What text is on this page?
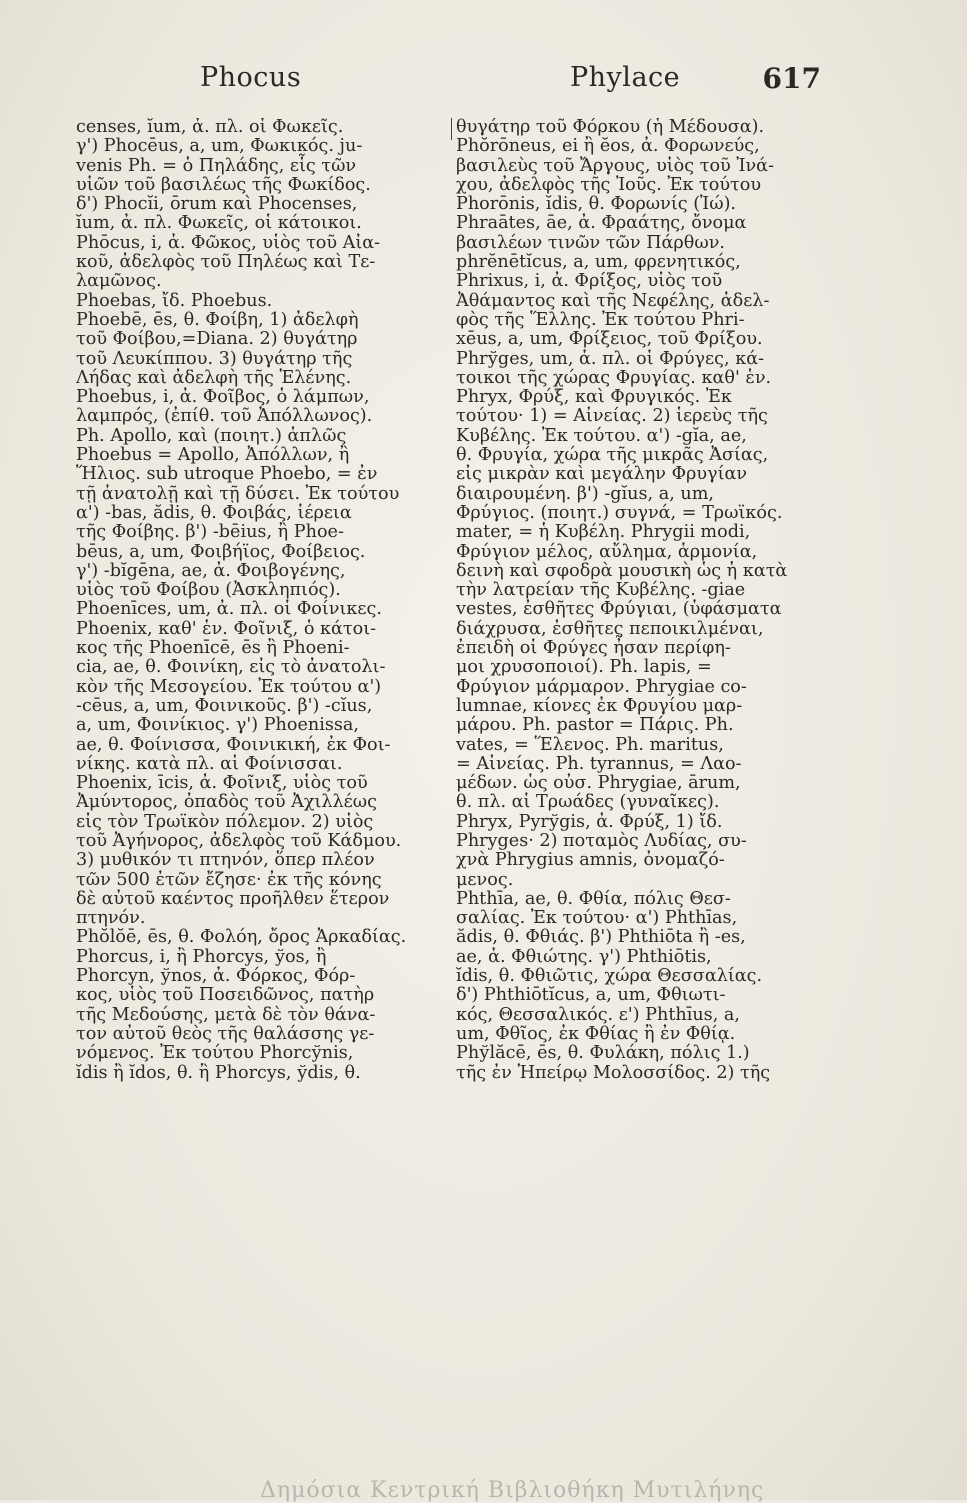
Phocus	Phylace	617
censes, ĭum, ἀ. πλ. οἱ Φωκεῖς.
γ') Phocēus, a, um, Φωκικός. ju-
venis Ph. = ὁ Πηλάδης, εἷς τῶν
υἱῶν τοῦ βασιλέως τῆς Φωκίδος.
δ') Phocĭi, ōrum καὶ Phocenses,
ĭum, ἀ. πλ. Φωκεῖς, οἱ κάτοικοι.
Phōcus, i, ἀ. Φῶκος, υἱὸς τοῦ Αἰα-
κοῦ, ἀδελφὸς τοῦ Πηλέως καὶ Τε-
λαμῶνος.
Phoebas, ἴδ. Phoebus.
Phoebē, ēs, θ. Φοίβη, 1) ἀδελφὴ
τοῦ Φοίβου,=Diana. 2) θυγάτηρ
τοῦ Λευκίππου. 3) θυγάτηρ τῆς
Λήδας καὶ ἀδελφὴ τῆς Ἑλένης.
Phoebus, i, ἀ. Φοῖβος, ὁ λάμπων,
λαμπρός, (ἐπίθ. τοῦ Ἀπόλλωνος).
Ph. Apollo, καὶ (ποιητ.) ἁπλῶς
Phoebus = Apollo, Ἀπόλλων, ἢ
Ἥλιος. sub utroque Phoebo, = ἐν
τῇ ἀνατολῇ καὶ τῇ δύσει. Ἐκ τούτου
α') -bas, ădis, θ. Φοιβάς, ἱέρεια
τῆς Φοίβης. β') -bēius, ἢ Phoe-
bēus, a, um, Φοιβήϊος, Φοίβειος.
γ') -bĭgēna, ae, ἀ. Φοιβογένης,
υἱὸς τοῦ Φοίβου (Ἀσκληπιός).
Phoenīces, um, ἀ. πλ. οἱ Φοίνικες.
Phoenix, καθ' ἑν. Φοῖνιξ, ὁ κάτοι-
κος τῆς Phoenīcē, ēs ἢ Phoeni-
cia, ae, θ. Φοινίκη, εἰς τὸ ἀνατολι-
κὸν τῆς Μεσογείου. Ἐκ τούτου α')
-cēus, a, um, Φοινικοῦς. β') -cĭus,
a, um, Φοινίκιος. γ') Phoenissa,
ae, θ. Φοίνισσα, Φοινικική, ἐκ Φοι-
νίκης. κατὰ πλ. αἱ Φοίνισσαι.
Phoenix, īcis, ἀ. Φοῖνιξ, υἱὸς τοῦ
Ἀμύντορος, ὀπαδὸς τοῦ Ἀχιλλέως
εἰς τὸν Τρωϊκὸν πόλεμον. 2) υἱὸς
τοῦ Ἀγήνορος, ἀδελφὸς τοῦ Κάδμου.
3) μυθικόν τι πτηνόν, ὅπερ πλέον
τῶν 500 ἐτῶν ἔζησε· ἐκ τῆς κόνης
δὲ αὐτοῦ καέντος προῆλθεν ἕτερον
πτηνόν.
Phŏlŏē, ēs, θ. Φολόη, ὄρος Ἀρκαδίας.
Phorcus, i, ἢ Phorcys, ўos, ἢ
Phorcyn, ўnos, ἀ. Φόρκος, Φόρ-
κος, υἱὸς τοῦ Ποσειδῶνος, πατὴρ
τῆς Μεδούσης, μετὰ δὲ τὸν θάνα-
τον αὐτοῦ θεὸς τῆς θαλάσσης γε-
νόμενος. Ἐκ τούτου Phorcўnis,
ĭdis ἢ ĭdos, θ. ἢ Phorcys, ўdis, θ.
θυγάτηρ τοῦ Φόρκου (ἡ Μέδουσα).
Phŏrōneus, ei ἢ ĕos, ἀ. Φορωνεύς,
βασιλεὺς τοῦ Ἄργους, υἱὸς τοῦ Ἰνά-
χου, ἀδελφὸς τῆς Ἰοῦς. Ἐκ τούτου
Phorōnis, ĭdis, θ. Φορωνίς (Ἰώ).
Phraātes, āe, ἀ. Φραάτης, ὄνομα
βασιλέων τινῶν τῶν Πάρθων.
phrĕnētĭcus, a, um, φρενητικός,
Phrixus, i, ἀ. Φρίξος, υἱὸς τοῦ
Ἀθάμαντος καὶ τῆς Νεφέλης, ἀδελ-
φὸς τῆς Ἕλλης. Ἐκ τούτου Phri-
xēus, a, um, Φρίξειος, τοῦ Φρίξου.
Phrўges, um, ἀ. πλ. οἱ Φρύγες, κά-
τοικοι τῆς χώρας Φρυγίας. καθ' ἑν.
Phryx, Φρύξ, καὶ Φρυγικός. Ἐκ
τούτου· 1) = Αἰνείας. 2) ἱερεὺς τῆς
Κυβέλης. Ἐκ τούτου. α') -gĭa, ae,
θ. Φρυγία, χώρα τῆς μικρᾶς Ἀσίας,
εἰς μικρὰν καὶ μεγάλην Φρυγίαν
διαιρουμένη. β') -gĭus, a, um,
Φρύγιος. (ποιητ.) συγνά, = Τρωϊκός.
mater, = ἡ Κυβέλη. Phrygii modi,
Φρύγιον μέλος, αὔλημα, ἁρμονία,
δεινὴ καὶ σφοδρὰ μουσικὴ ὡς ἡ κατὰ
τὴν λατρείαν τῆς Κυβέλης. -giae
vestes, ἐσθῆτες Φρύγιαι, (ὑφάσματα
διάχρυσα, ἐσθῆτες πεποικιλμέναι,
ἐπειδὴ οἱ Φρύγες ἦσαν περίφη-
μοι χρυσοποιοί). Ph. lapis, =
Φρύγιον μάρμαρον. Phrygiae co-
lumnae, κίονες ἐκ Φρυγίου μαρ-
μάρου. Ph. pastor = Πάρις. Ph.
vates, = Ἕλενος. Ph. maritus,
= Αἰνείας. Ph. tyrannus, = Λαο-
μέδων. ὡς οὐσ. Phrygiae, ārum,
θ. πλ. αἱ Τρωάδες (γυναῖκες).
Phryx, Pyrўgis, ἀ. Φρύξ, 1) ἴδ.
Phryges· 2) ποταμὸς Λυδίας, συ-
χνὰ Phrygius amnis, ὀνομαζό-
μενος.
Phthīa, ae, θ. Φθία, πόλις Θεσ-
σαλίας. Ἐκ τούτου· α') Phthīas,
ădis, θ. Φθιάς. β') Phthiōta ἢ -es,
ae, ἀ. Φθιώτης. γ') Phthiōtis,
ĭdis, θ. Φθιῶτις, χώρα Θεσσαλίας.
δ') Phthiōtĭcus, a, um, Φθιωτι-
κός, Θεσσαλικός. ε') Phthīus, a,
um, Φθῖος, ἐκ Φθίας ἢ ἐν Φθίᾳ.
Phўlăcē, ēs, θ. Φυλάκη, πόλις 1.)
τῆς ἐν Ἠπείρῳ Μολοσσίδος. 2) τῆς
Δημόσια Κεντρική Βιβλιοθήκη Μυτιλήνης
